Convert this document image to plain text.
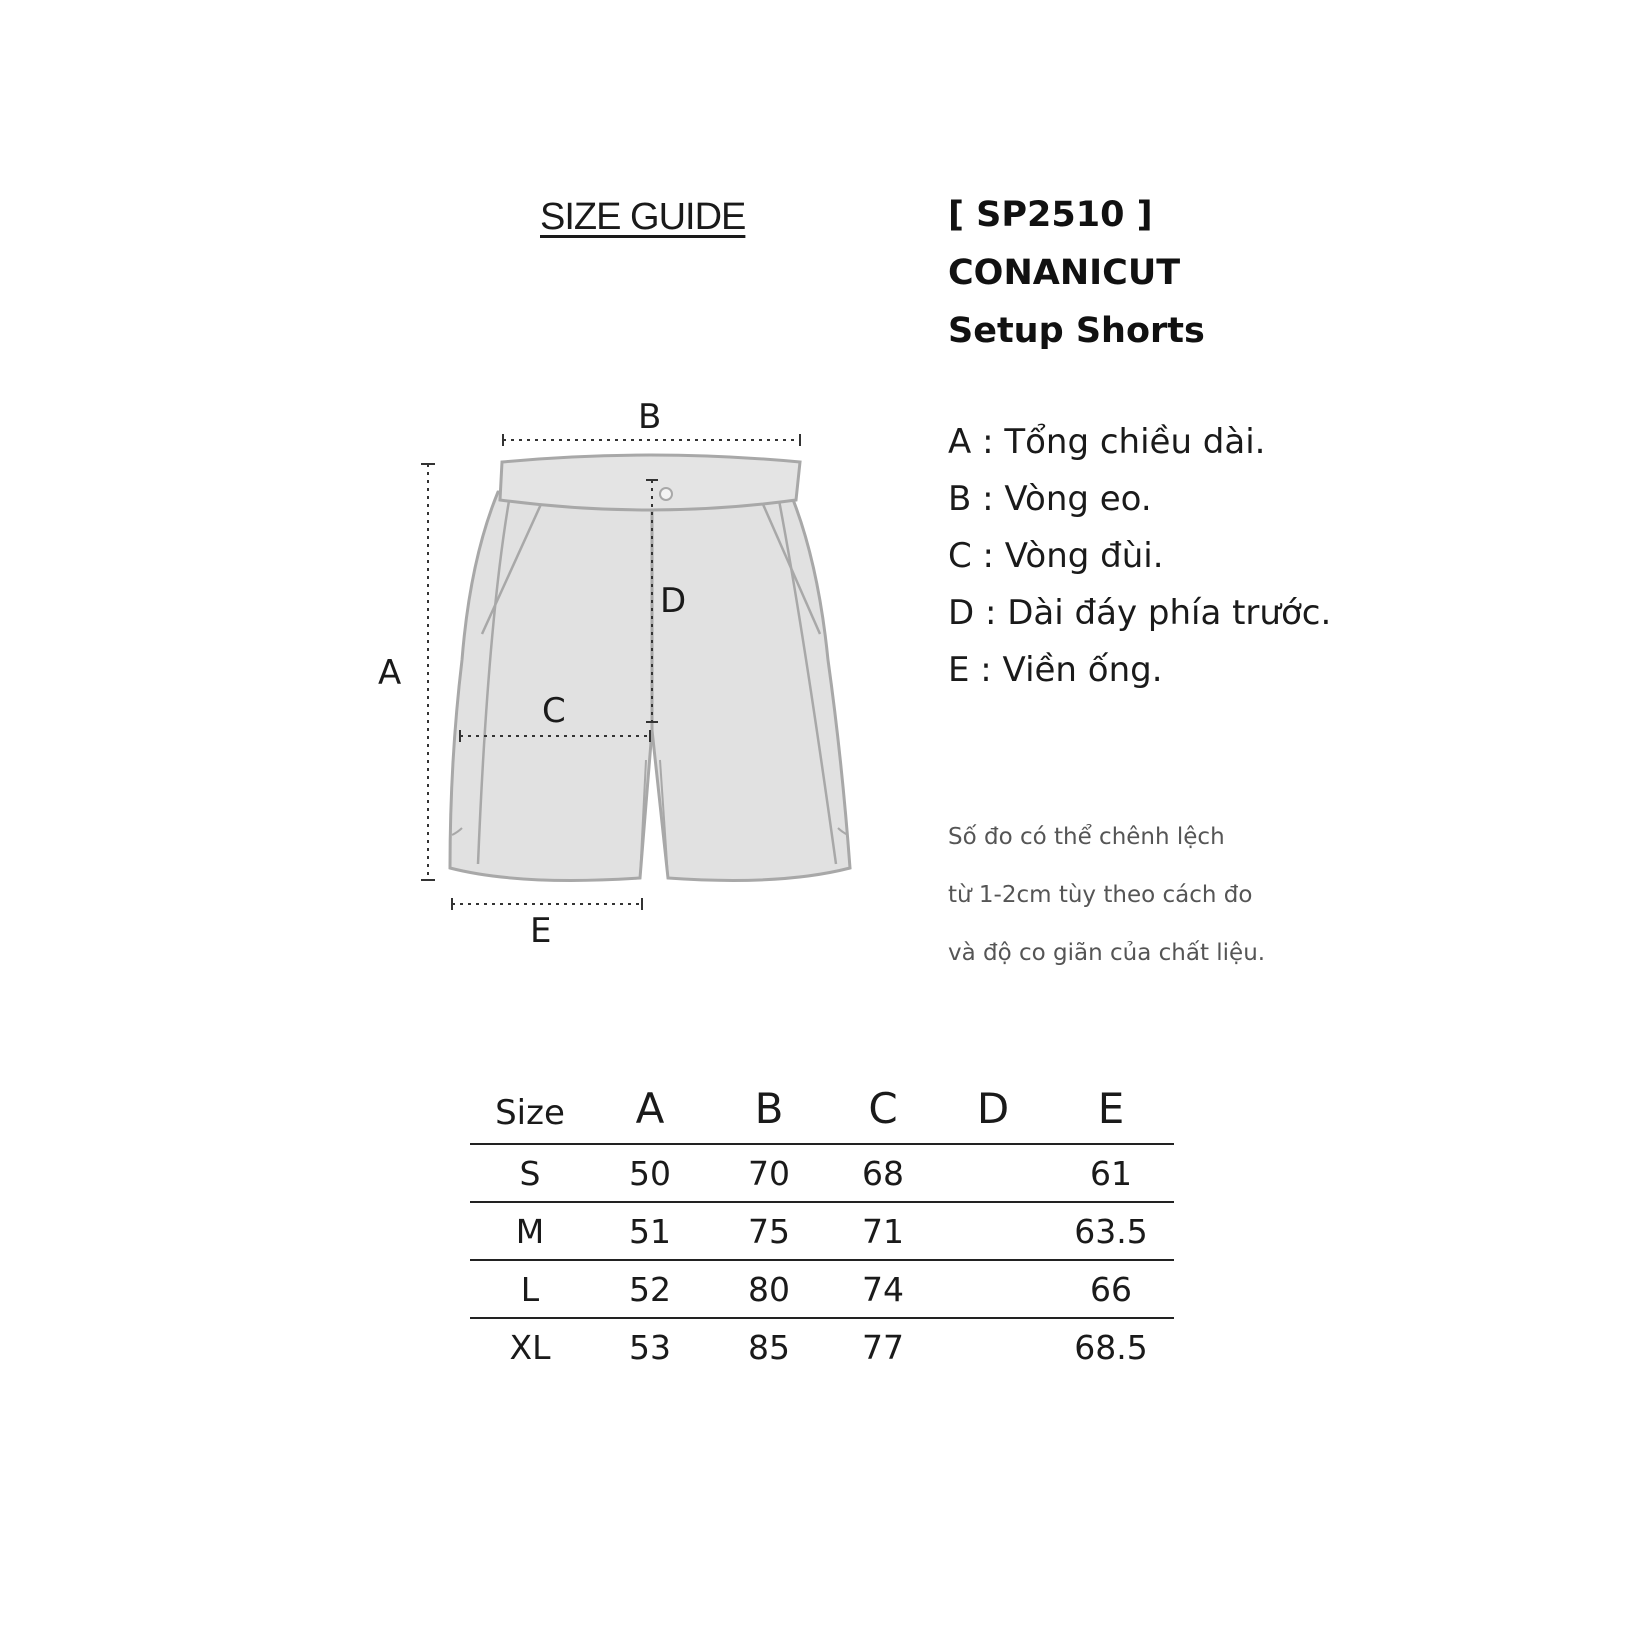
SIZE GUIDE	[ SP2510 ]
CONANICUT
Setup Shorts
A : Tổng chiều dài.
B : Vòng eo.
C : Vòng đùi.
D : Dài đáy phía trước.
E : Viền ống.
Số đo có thể chênh lệch
từ 1-2cm tùy theo cách đo
và độ co giãn của chất liệu.
A
B
C
D
E
Size	A	B	C	D	E
S	50	70	68		61
M	51	75	71		63.5
L	52	80	74		66
XL	53	85	77		68.5
